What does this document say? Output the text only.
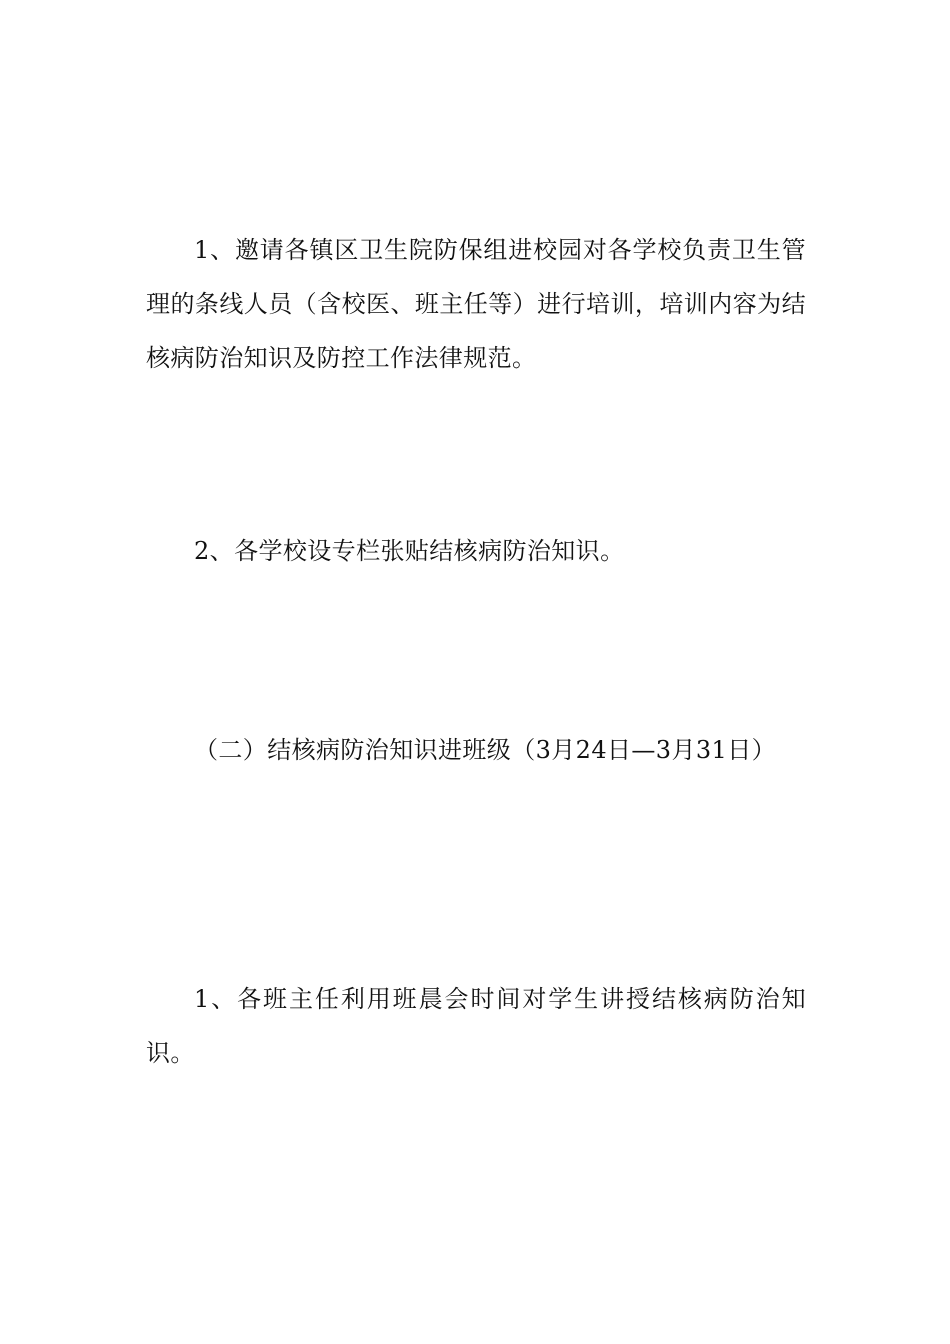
1、邀请各镇区卫生院防保组进校园对各学校负责卫生管理的条线人员（含校医、班主任等）进行培训，培训内容为结核病防治知识及防控工作法律规范。

2、各学校设专栏张贴结核病防治知识。

（二）结核病防治知识进班级（3月24日—3月31日）

1、各班主任利用班晨会时间对学生讲授结核病防治知识。
